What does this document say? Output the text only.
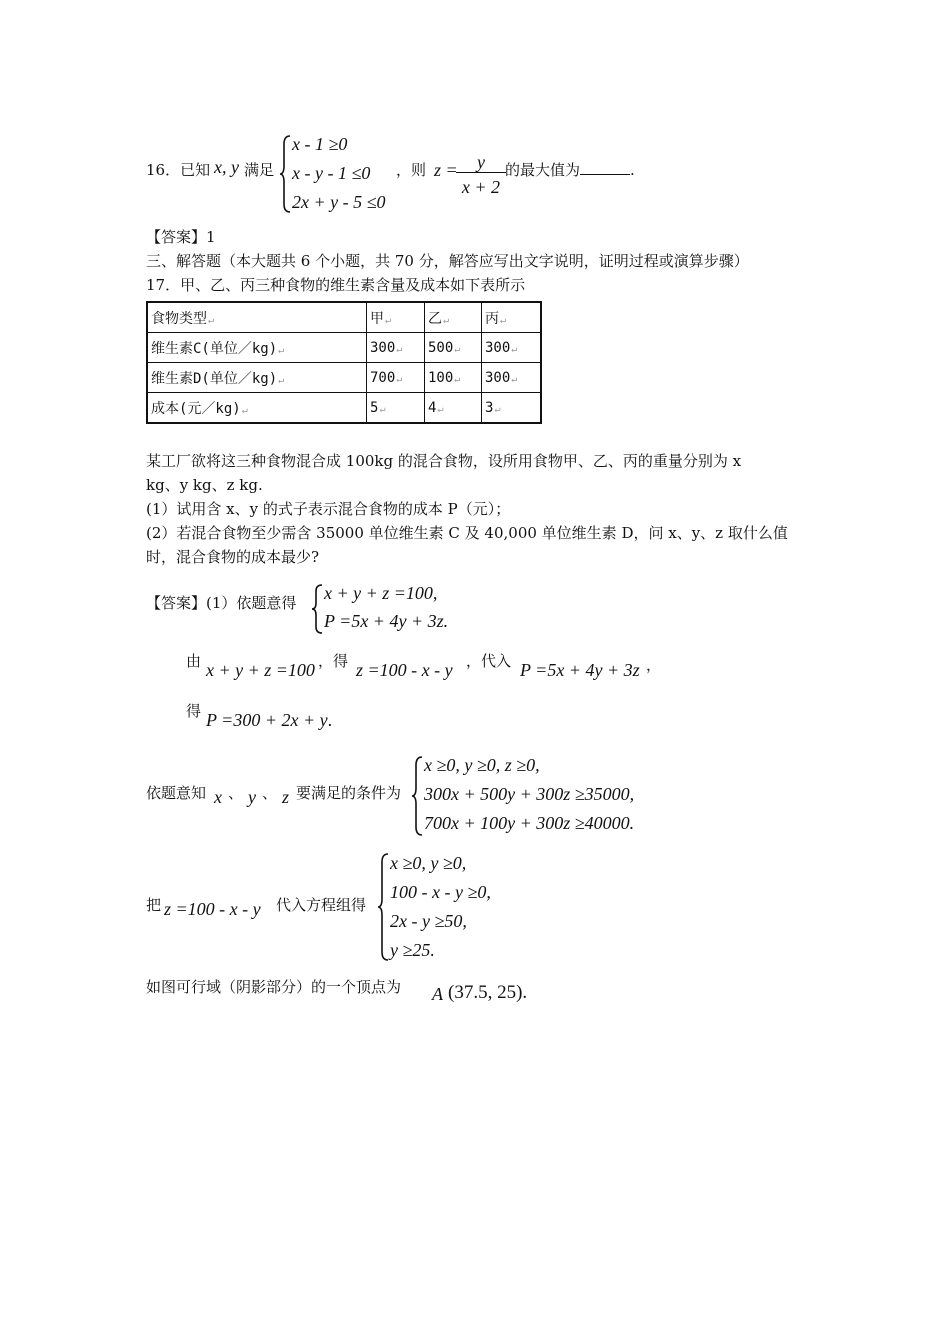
16．已知 x, y 满足
x - 1 ≥0
x - y - 1 ≤0
2x + y - 5 ≤0
，则 z =	y
x + 2
的最大值为	.
【答案】1
三、解答题（本大题共 6 个小题，共 70 分，解答应写出文字说明，证明过程或演算步骤）
17．甲、乙、丙三种食物的维生素含量及成本如下表所示
食物类型↵	甲↵	乙↵	丙↵
维生素C(单位／kg)↵	300↵	500↵	300↵
维生素D(单位／kg)↵	700↵	100↵	300↵
成本(元／kg)↵	5↵	4↵	3↵
某工厂欲将这三种食物混合成 100kg 的混合食物，设所用食物甲、乙、丙的重量分别为 x
kg、y kg、z kg.
(1）试用含 x、y 的式子表示混合食物的成本 P（元）；
(2）若混合食物至少需含 35000 单位维生素 C 及 40,000 单位维生素 D，问 x、y、z 取什么值
时，混合食物的成本最少?
【答案】(1）依题意得 x + y + z =100,
P =5x + 4y + 3z.
由 x + y + z =100 ，得 z =100 - x - y ，代入 P =5x + 4y + 3z ，
得 P =300 + 2x + y.
依题意知 x 、 y 、 z 要满足的条件为
x ≥0, y ≥0, z ≥0,
300x + 500y + 300z ≥35000,
700x + 100y + 300z ≥40000.
把 z =100 - x - y 代入方程组得
x ≥0, y ≥0,
100 - x - y ≥0,
2x - y ≥50,
y ≥25.
如图可行域（阴影部分）的一个顶点为 A (37.5, 25).
